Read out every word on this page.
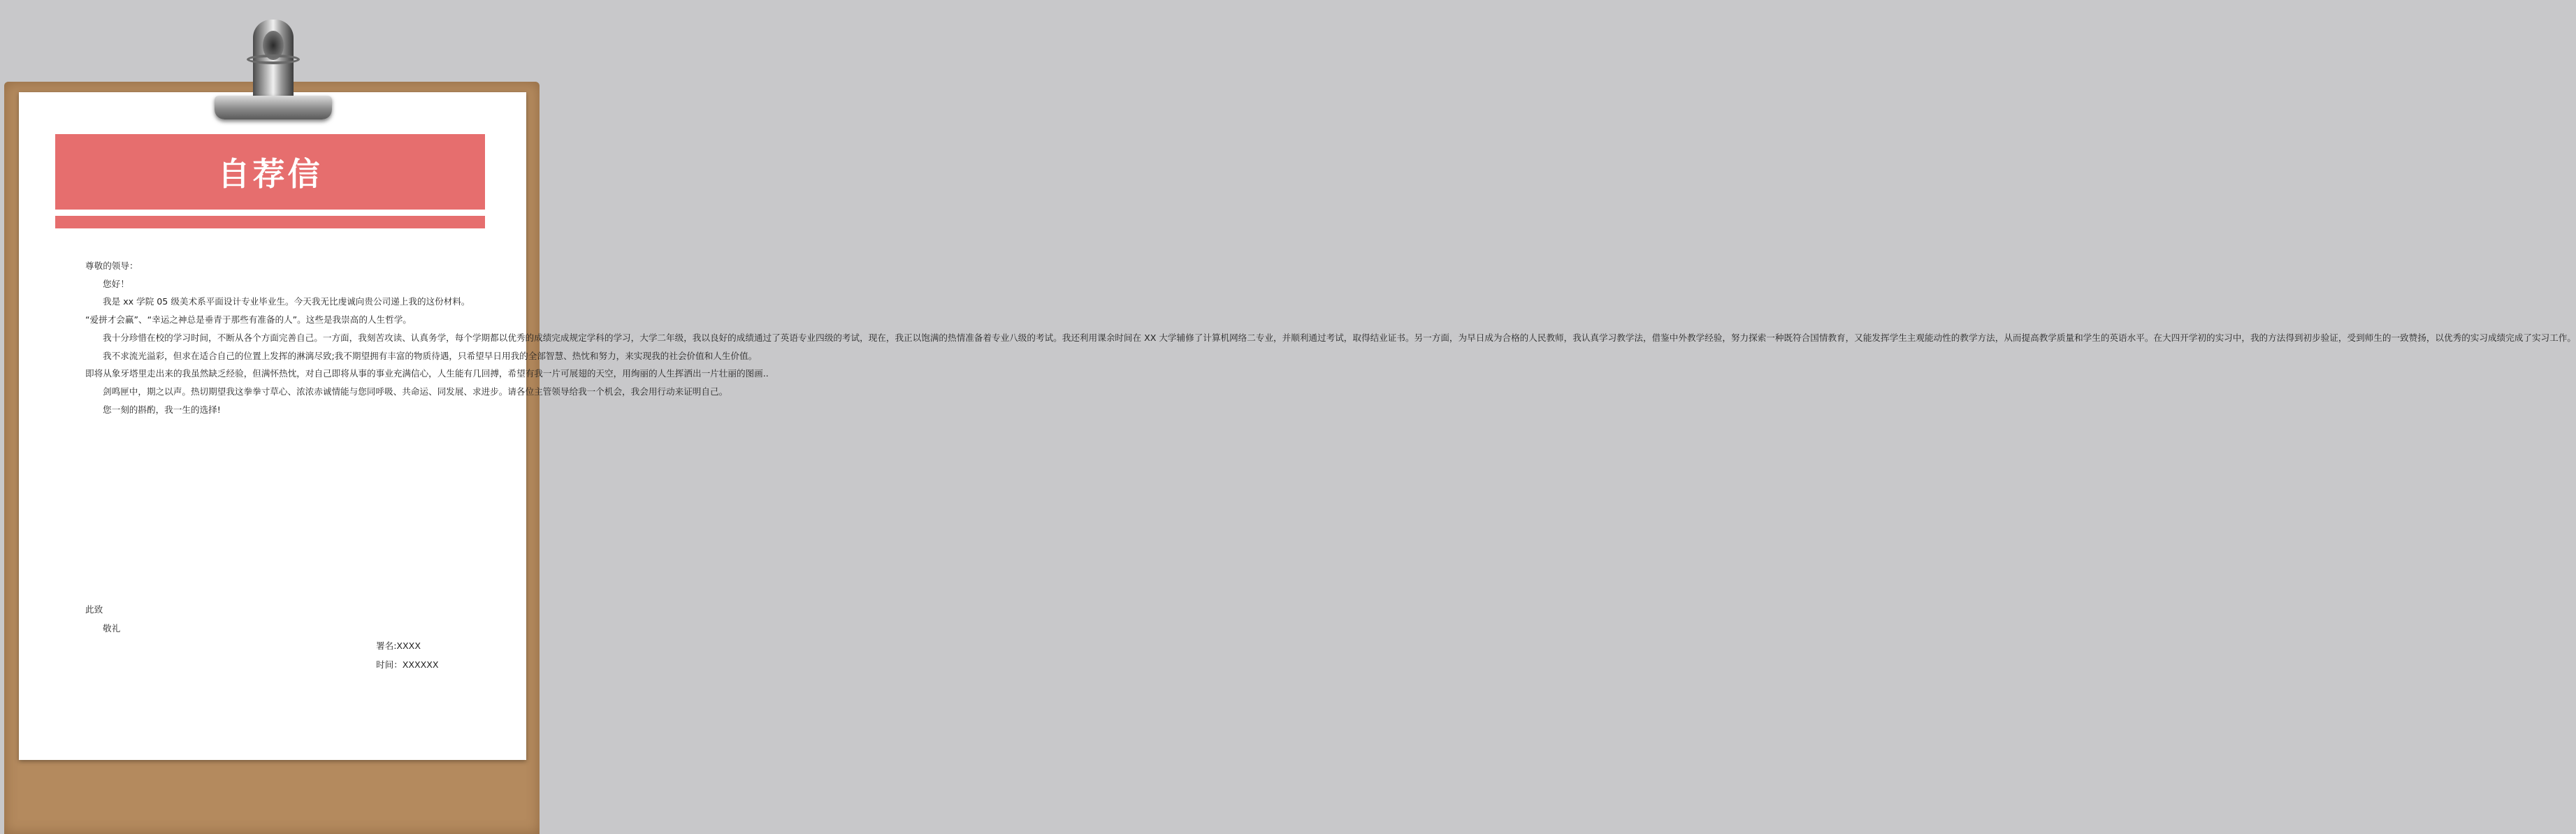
自荐信

尊敬的领导：

您好！

我是 xx 学院 05 级美术系平面设计专业毕业生。今天我无比虔诚向贵公司递上我的这份材料。

“爱拼才会赢”、“幸运之神总是垂青于那些有准备的人”。这些是我崇高的人生哲学。

我十分珍惜在校的学习时间，不断从各个方面完善自己。一方面，我刻苦攻读、认真务学，每个学期都以优秀的成绩完成规定学科的学习，大学二年级，我以良好的成绩通过了英语专业四级的考试，现在，我正以饱满的热情准备着专业八级的考试。我还利用课余时间在 XX 大学辅修了计算机网络二专业，并顺利通过考试，取得结业证书。另一方面，为早日成为合格的人民教师，我认真学习教学法，借鉴中外教学经验，努力探索一种既符合国情教育，又能发挥学生主观能动性的教学方法，从而提高教学质量和学生的英语水平。在大四开学初的实习中，我的方法得到初步验证，受到师生的一致赞扬，以优秀的实习成绩完成了实习工作。

我不求流光溢彩，但求在适合自己的位置上发挥的淋漓尽致;我不期望拥有丰富的物质待遇，只希望早日用我的全部智慧、热忱和努力，来实现我的社会价值和人生价值。

即将从象牙塔里走出来的我虽然缺乏经验，但满怀热忱，对自己即将从事的事业充满信心，人生能有几回搏，希望有我一片可展翅的天空，用绚丽的人生挥洒出一片壮丽的图画..

剑鸣匣中，期之以声。热切期望我这拳拳寸草心、浓浓赤诚情能与您同呼吸、共命运、同发展、求进步。请各位主管领导给我一个机会，我会用行动来证明自己。

您一刻的斟酌，我一生的选择!

此致

敬礼

署名:XXXX

时间：XXXXXX
